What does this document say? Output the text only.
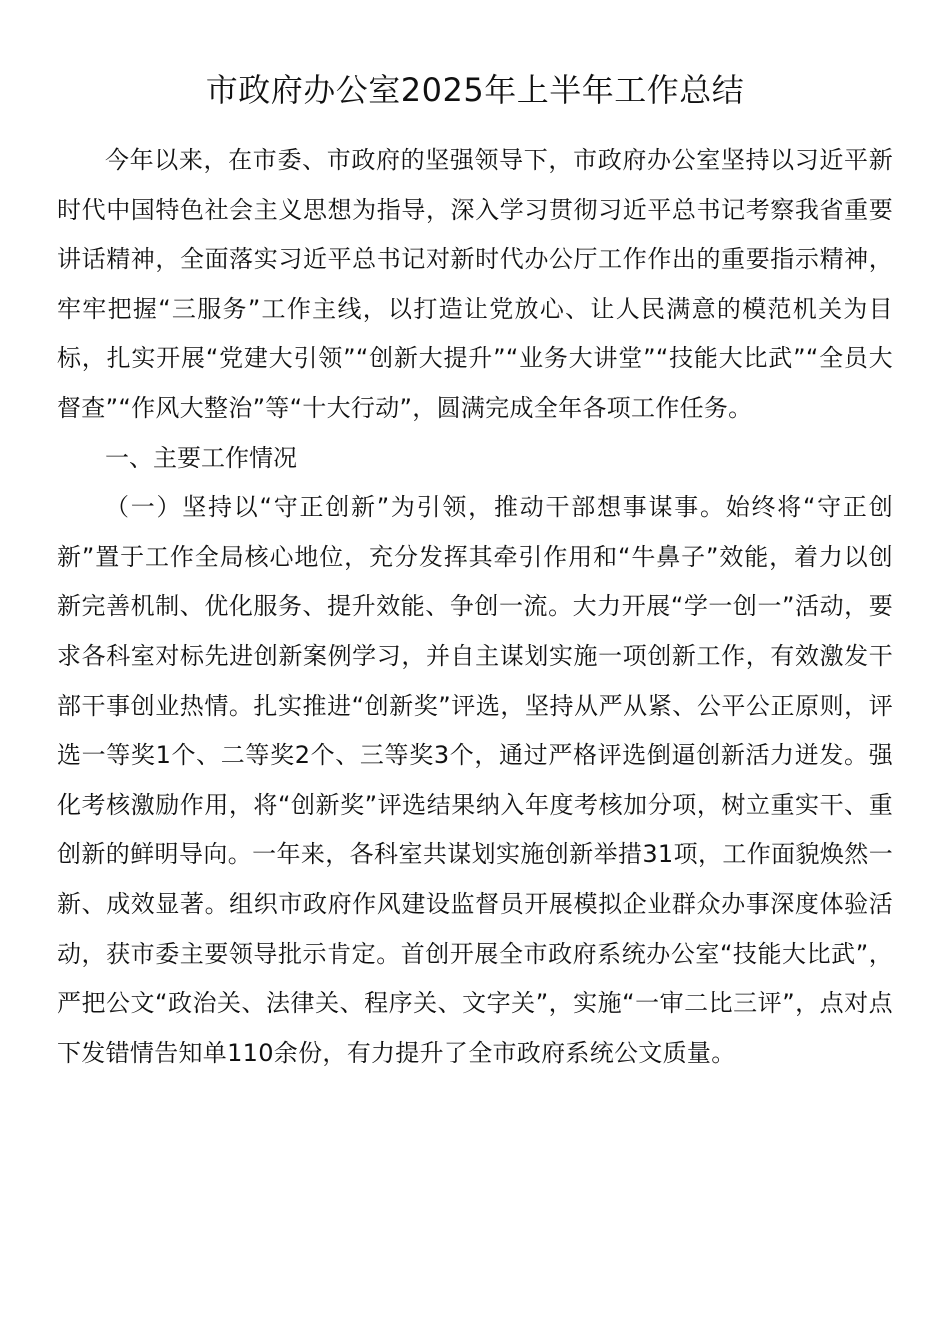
市政府办公室2025年上半年工作总结

今年以来，在市委、市政府的坚强领导下，市政府办公室坚持以习近平新时代中国特色社会主义思想为指导，深入学习贯彻习近平总书记考察我省重要讲话精神，全面落实习近平总书记对新时代办公厅工作作出的重要指示精神，牢牢把握“三服务”工作主线，以打造让党放心、让人民满意的模范机关为目标，扎实开展“党建大引领”“创新大提升”“业务大讲堂”“技能大比武”“全员大督查”“作风大整治”等“十大行动”，圆满完成全年各项工作任务。

一、主要工作情况

（一）坚持以“守正创新”为引领，推动干部想事谋事。始终将“守正创新”置于工作全局核心地位，充分发挥其牵引作用和“牛鼻子”效能，着力以创新完善机制、优化服务、提升效能、争创一流。大力开展“学一创一”活动，要求各科室对标先进创新案例学习，并自主谋划实施一项创新工作，有效激发干部干事创业热情。扎实推进“创新奖”评选，坚持从严从紧、公平公正原则，评选一等奖1个、二等奖2个、三等奖3个，通过严格评选倒逼创新活力迸发。强化考核激励作用，将“创新奖”评选结果纳入年度考核加分项，树立重实干、重创新的鲜明导向。一年来，各科室共谋划实施创新举措31项，工作面貌焕然一新、成效显著。组织市政府作风建设监督员开展模拟企业群众办事深度体验活动，获市委主要领导批示肯定。首创开展全市政府系统办公室“技能大比武”，严把公文“政治关、法律关、程序关、文字关”，实施“一审二比三评”，点对点下发错情告知单110余份，有力提升了全市政府系统公文质量。
